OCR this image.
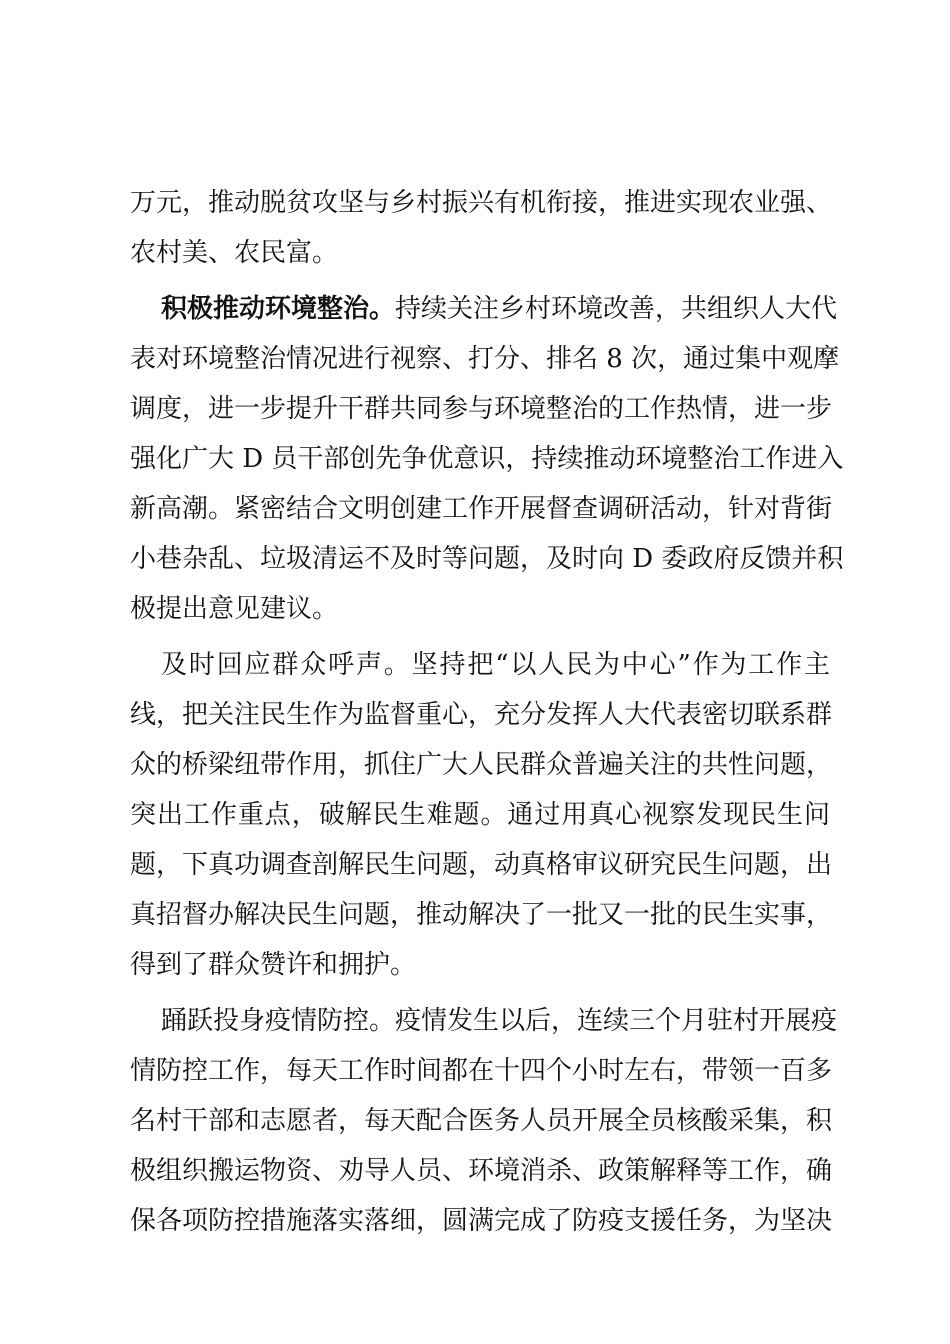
万元，推动脱贫攻坚与乡村振兴有机衔接，推进实现农业强、
农村美、农民富。
积极推动环境整治。持续关注乡村环境改善，共组织人大代
表对环境整治情况进行视察、打分、排名 8 次，通过集中观摩
调度，进一步提升干群共同参与环境整治的工作热情，进一步
强化广大 D 员干部创先争优意识，持续推动环境整治工作进入
新高潮。紧密结合文明创建工作开展督查调研活动，针对背街
小巷杂乱、垃圾清运不及时等问题，及时向 D 委政府反馈并积
极提出意见建议。
及时回应群众呼声。坚持把“以人民为中心”作为工作主
线，把关注民生作为监督重心，充分发挥人大代表密切联系群
众的桥梁纽带作用，抓住广大人民群众普遍关注的共性问题，
突出工作重点，破解民生难题。通过用真心视察发现民生问
题，下真功调查剖解民生问题，动真格审议研究民生问题，出
真招督办解决民生问题，推动解决了一批又一批的民生实事，
得到了群众赞许和拥护。
踊跃投身疫情防控。疫情发生以后，连续三个月驻村开展疫
情防控工作，每天工作时间都在十四个小时左右，带领一百多
名村干部和志愿者，每天配合医务人员开展全员核酸采集，积
极组织搬运物资、劝导人员、环境消杀、政策解释等工作，确
保各项防控措施落实落细，圆满完成了防疫支援任务，为坚决
